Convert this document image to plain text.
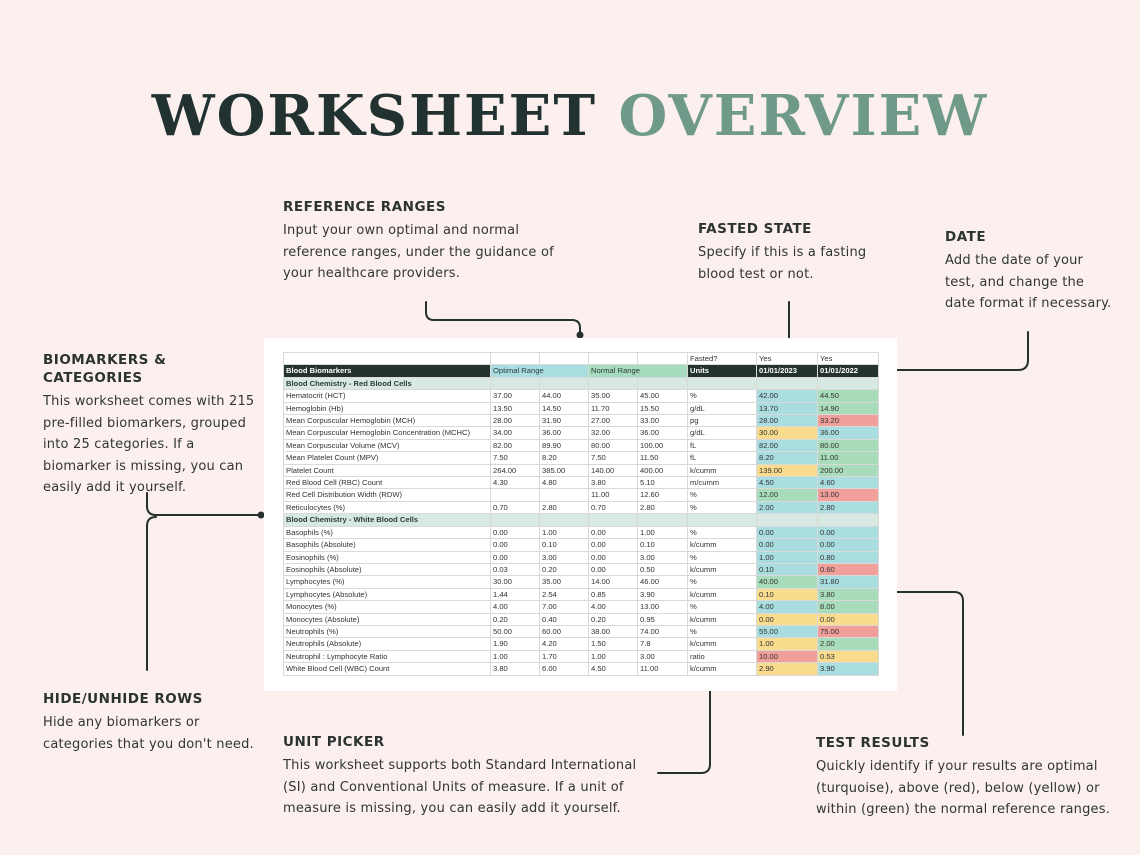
WORKSHEET OVERVIEW
REFERENCE RANGES

Input your own optimal and normal
reference ranges, under the guidance of
your healthcare providers.

FASTED STATE

Specify if this is a fasting
blood test or not.

DATE

Add the date of your
test, and change the
date format if necessary.

BIOMARKERS & CATEGORIES

This worksheet comes with 215
pre-filled biomarkers, grouped
into 25 categories. If a
biomarker is missing, you can
easily add it yourself.

HIDE/UNHIDE ROWS

Hide any biomarkers or
categories that you don't need.	UNIT PICKER

This worksheet supports both Standard International
(SI) and Conventional Units of measure. If a unit of
measure is missing, you can easily add it yourself.

TEST RESULTS

Quickly identify if your results are optimal
(turquoise), above (red), below (yellow) or
within (green) the normal reference ranges.

					Fasted?	Yes	Yes
Blood Biomarkers	Optimal Range		Normal Range		Units	01/01/2023	01/01/2022
Blood Chemistry - Red Blood Cells							
Hematocrit (HCT)	37.00	44.00	35.00	45.00	%	42.00	44.50
Hemoglobin (Hb)	13.50	14.50	11.70	15.50	g/dL	13.70	14.90
Mean Corpuscular Hemoglobin (MCH)	28.00	31.90	27.00	33.00	pg	28.00	33.20
Mean Corpuscular Hemoglobin Concentration (MCHC)	34.00	36.00	32.00	36.00	g/dL	30.00	36.00
Mean Corpuscular Volume (MCV)	82.00	89.90	80.00	100.00	fL	82.00	80.00
Mean Platelet Count (MPV)	7.50	8.20	7.50	11.50	fL	8.20	11.00
Platelet Count	264.00	385.00	140.00	400.00	k/cumm	139.00	200.00
Red Blood Cell (RBC) Count	4.30	4.80	3.80	5.10	m/cumm	4.50	4.60
Red Cell Distribution Width (RDW)			11.00	12.60	%	12.00	13.00
Reticulocytes (%)	0.70	2.80	0.70	2.80	%	2.00	2.80
Blood Chemistry - White Blood Cells							
Basophils (%)	0.00	1.00	0.00	1.00	%	0.00	0.00
Basophils (Absolute)	0.00	0.10	0.00	0.10	k/cumm	0.00	0.00
Eosinophils (%)	0.00	3.00	0.00	3.00	%	1.00	0.80
Eosinophils (Absolute)	0.03	0.20	0.00	0.50	k/cumm	0.10	0.60
Lymphocytes (%)	30.00	35.00	14.00	46.00	%	40.00	31.80
Lymphocytes (Absolute)	1.44	2.54	0.85	3.90	k/cumm	0.10	3.80
Monocytes (%)	4.00	7.00	4.00	13.00	%	4.00	8.00
Monocytes (Absolute)	0.20	0.40	0.20	0.95	k/cumm	0.00	0.00
Neutrophils (%)	50.00	60.00	38.00	74.00	%	55.00	75.00
Neutrophils (Absolute)	1.90	4.20	1.50	7.8	k/cumm	1.00	2.00
Neutrophil : Lymphocyte Ratio	1.00	1.70	1.00	3.00	ratio	10.00	0.53
White Blood Cell (WBC) Count	3.80	6.00	4.50	11.00	k/cumm	2.90	3.90
